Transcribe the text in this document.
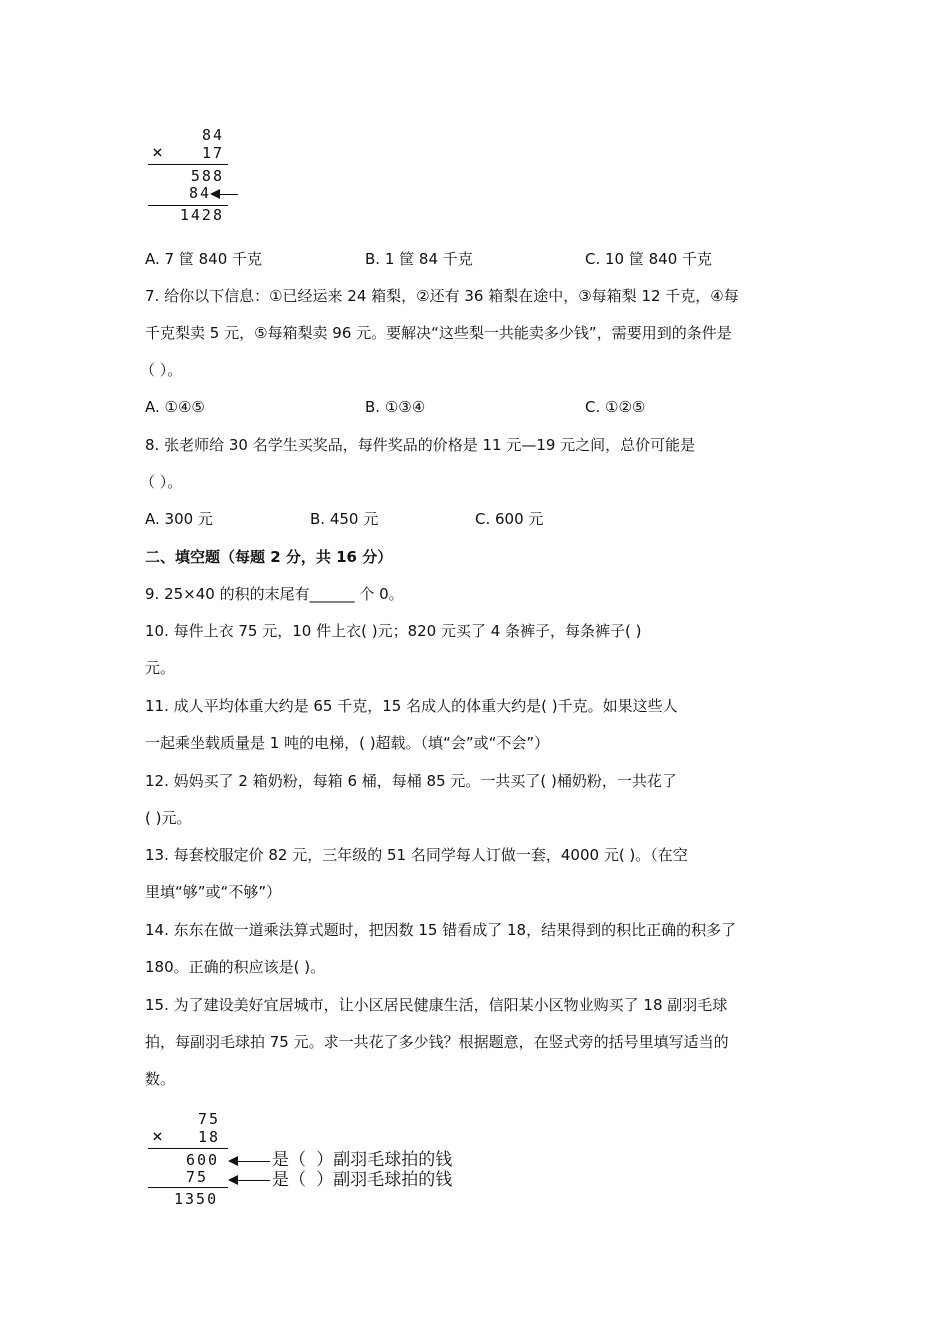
84
× 17
588
84
1428
A. 7 筐 840 千克	B. 1 筐 84 千克	C. 10 筐 840 千克
7. 给你以下信息：①已经运来 24 箱梨，②还有 36 箱梨在途中，③每箱梨 12 千克，④每
千克梨卖 5 元，⑤每箱梨卖 96 元。要解决“这些梨一共能卖多少钱”，需要用到的条件是
（ ）。
A. ①④⑤	B. ①③④	C. ①②⑤
8. 张老师给 30 名学生买奖品，每件奖品的价格是 11 元—19 元之间，总价可能是
（ ）。
A. 300 元	B. 450 元	C. 600 元
二、填空题（每题 2 分，共 16 分）
9. 25×40 的积的末尾有______ 个 0。
10. 每件上衣 75 元，10 件上衣( )元；820 元买了 4 条裤子，每条裤子( )
元。
11. 成人平均体重大约是 65 千克，15 名成人的体重大约是( )千克。如果这些人
一起乘坐载质量是 1 吨的电梯，( )超载。（填“会”或“不会”）
12. 妈妈买了 2 箱奶粉，每箱 6 桶，每桶 85 元。一共买了( )桶奶粉，一共花了
( )元。
13. 每套校服定价 82 元，三年级的 51 名同学每人订做一套，4000 元( )。（在空
里填“够”或“不够”）
14. 东东在做一道乘法算式题时，把因数 15 错看成了 18，结果得到的积比正确的积多了
180。正确的积应该是( )。
15. 为了建设美好宜居城市，让小区居民健康生活，信阳某小区物业购买了 18 副羽毛球
拍，每副羽毛球拍 75 元。求一共花了多少钱？根据题意，在竖式旁的括号里填写适当的
数。
75
× 18
600	是（ ）副羽毛球拍的钱
75	是（ ）副羽毛球拍的钱
1350
